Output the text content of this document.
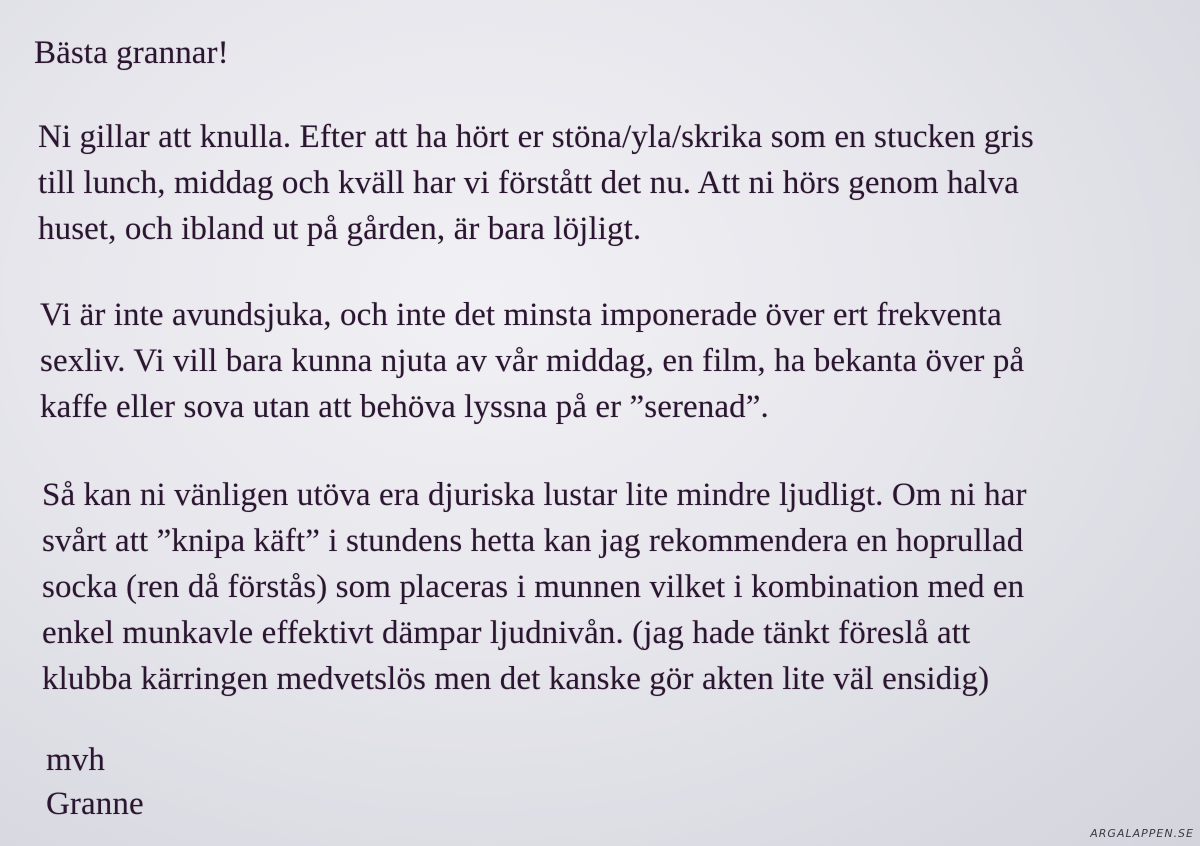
Bästa grannar!
Ni gillar att knulla. Efter att ha hört er stöna/yla/skrika som en stucken gris
till lunch, middag och kväll har vi förstått det nu. Att ni hörs genom halva
huset, och ibland ut på gården, är bara löjligt.
Vi är inte avundsjuka, och inte det minsta imponerade över ert frekventa
sexliv. Vi vill bara kunna njuta av vår middag, en film, ha bekanta över på
kaffe eller sova utan att behöva lyssna på er ”serenad”.
Så kan ni vänligen utöva era djuriska lustar lite mindre ljudligt. Om ni har
svårt att ”knipa käft” i stundens hetta kan jag rekommendera en hoprullad
socka (ren då förstås) som placeras i munnen vilket i kombination med en
enkel munkavle effektivt dämpar ljudnivån. (jag hade tänkt föreslå att
klubba kärringen medvetslös men det kanske gör akten lite väl ensidig)
mvh
Granne
ARGALAPPEN.SE
